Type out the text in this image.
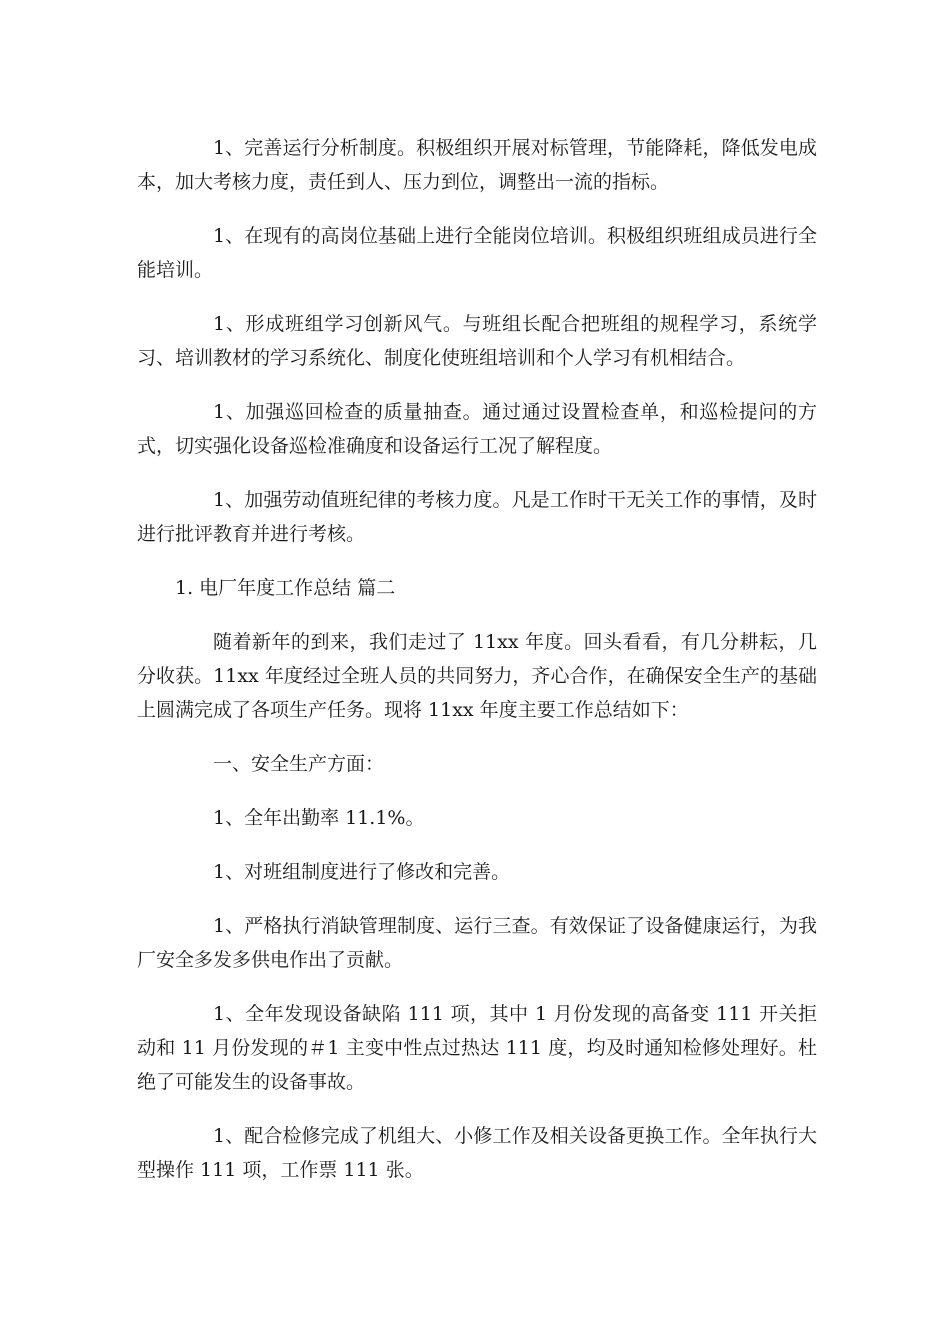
1、完善运行分析制度。积极组织开展对标管理，节能降耗，降低发电成本，加大考核力度，责任到人、压力到位，调整出一流的指标。

1、在现有的高岗位基础上进行全能岗位培训。积极组织班组成员进行全能培训。

1、形成班组学习创新风气。与班组长配合把班组的规程学习，系统学习、培训教材的学习系统化、制度化使班组培训和个人学习有机相结合。

1、加强巡回检查的质量抽查。通过通过设置检查单，和巡检提问的方式，切实强化设备巡检准确度和设备运行工况了解程度。

1、加强劳动值班纪律的考核力度。凡是工作时干无关工作的事情，及时进行批评教育并进行考核。

1. 电厂年度工作总结 篇二

随着新年的到来，我们走过了 11xx 年度。回头看看，有几分耕耘，几分收获。11xx 年度经过全班人员的共同努力，齐心合作，在确保安全生产的基础上圆满完成了各项生产任务。现将 11xx 年度主要工作总结如下：

一、安全生产方面：

1、全年出勤率 11.1%。

1、对班组制度进行了修改和完善。

1、严格执行消缺管理制度、运行三查。有效保证了设备健康运行，为我厂安全多发多供电作出了贡献。

1、全年发现设备缺陷 111 项，其中 1 月份发现的高备变 111 开关拒动和 11 月份发现的＃1 主变中性点过热达 111 度，均及时通知检修处理好。杜绝了可能发生的设备事故。

1、配合检修完成了机组大、小修工作及相关设备更换工作。全年执行大型操作 111 项，工作票 111 张。
